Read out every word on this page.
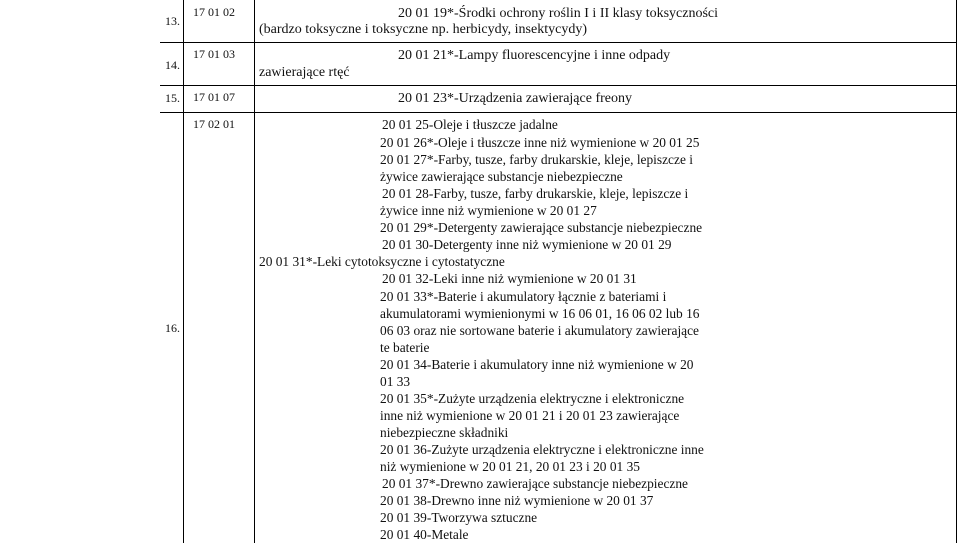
13.
17 01 02	20 01 19*-Środki ochrony roślin I i II klasy toksyczności
(bardzo toksyczne i toksyczne np. herbicydy, insektycydy)
14.
17 01 03	20 01 21*-Lampy fluorescencyjne i inne odpady
zawierające rtęć
15. 17 01 07	20 01 23*-Urządzenia zawierające freony
16.
17 02 01	20 01 25-Oleje i tłuszcze jadalne
20 01 26*-Oleje i tłuszcze inne niż wymienione w 20 01 25
20 01 27*-Farby, tusze, farby drukarskie, kleje, lepiszcze i
żywice zawierające substancje niebezpieczne
20 01 28-Farby, tusze, farby drukarskie, kleje, lepiszcze i
żywice inne niż wymienione w 20 01 27
20 01 29*-Detergenty zawierające substancje niebezpieczne
20 01 30-Detergenty inne niż wymienione w 20 01 29
20 01 31*-Leki cytotoksyczne i cytostatyczne
20 01 32-Leki inne niż wymienione w 20 01 31
20 01 33*-Baterie i akumulatory łącznie z bateriami i
akumulatorami wymienionymi w 16 06 01, 16 06 02 lub 16
06 03 oraz nie sortowane baterie i akumulatory zawierające
te baterie
20 01 34-Baterie i akumulatory inne niż wymienione w 20
01 33
20 01 35*-Zużyte urządzenia elektryczne i elektroniczne
inne niż wymienione w 20 01 21 i 20 01 23 zawierające
niebezpieczne składniki
20 01 36-Zużyte urządzenia elektryczne i elektroniczne inne
niż wymienione w 20 01 21, 20 01 23 i 20 01 35
20 01 37*-Drewno zawierające substancje niebezpieczne
20 01 38-Drewno inne niż wymienione w 20 01 37
20 01 39-Tworzywa sztuczne
20 01 40-Metale
